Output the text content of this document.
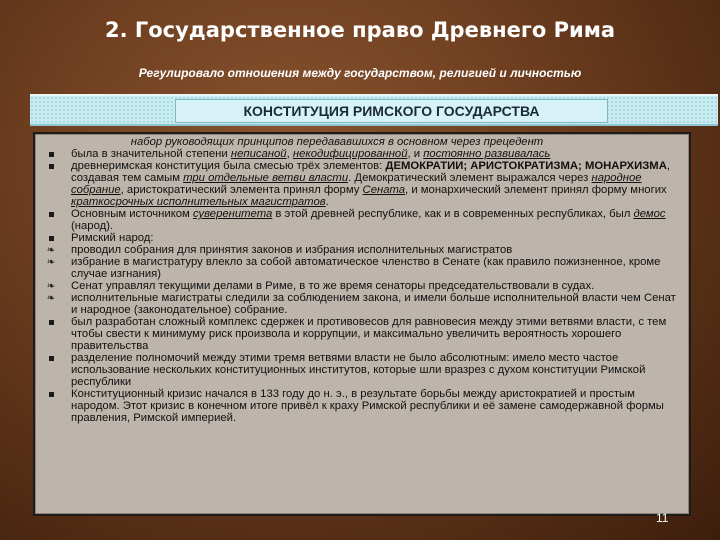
2. Государственное право Древнего Рима
Регулировало отношения между государством, религией и личностью
КОНСТИТУЦИЯ РИМСКОГО ГОСУДАРСТВА
набор руководящих принципов передававшихся в основном через прецедент
была в значительной степени неписаной, некодифицированной, и постоянно развивалась
древнеримская конституция была смесью трёх элементов: ДЕМОКРАТИИ; АРИСТОКРАТИЗМА; МОНАРХИЗМА, создавая тем самым три отдельные ветви власти. Демократический элемент выражался через народное собрание, аристократический элемента принял форму Сената, и монархический элемент принял форму многих краткосрочных исполнительных магистратов.
Основным источником суверенитета в этой древней республике, как и в современных республиках, был демос (народ).
Римский народ:
❧
проводил собрания для принятия законов и избрания исполнительных магистратов
❧
избрание в магистратуру влекло за собой автоматическое членство в Сенате (как правило пожизненное, кроме случае изгнания)
❧
Сенат управлял текущими делами в Риме, в то же время сенаторы председательствовали в судах.
❧
исполнительные магистраты следили за соблюдением закона, и имели больше исполнительной власти чем Сенат и народное (законодательное) собрание.
был разработан сложный комплекс сдержек и противовесов для равновесия между этими ветвями власти, с тем чтобы свести к минимуму риск произвола и коррупции, и максимально увеличить вероятность хорошего правительства
разделение полномочий между этими тремя ветвями власти не было абсолютным: имело место частое использование нескольких конституционных институтов, которые шли вразрез с духом конституции Римской республики
Конституционный кризис начался в 133 году до н. э., в результате борьбы между аристократией и простым народом. Этот кризис в конечном итоге привёл к краху Римской республики и её замене самодержавной формы правления, Римской империей.
11
